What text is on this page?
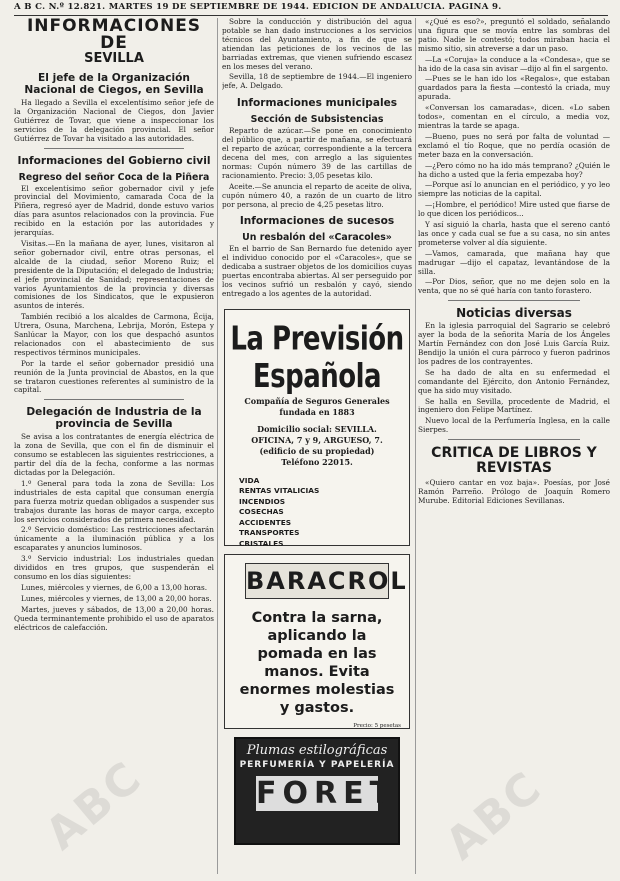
A B C. N.º 12.821. MARTES 19 DE SEPTIEMBRE DE 1944. EDICION DE ANDALUCIA. PAGINA 9.
INFORMACIONES DE
SEVILLA
El jefe de la Organización Nacional de Ciegos, en Sevilla

Ha llegado a Sevilla el excelentísimo señor jefe de la Organización Nacional de Ciegos, don Javier Gutiérrez de Tovar, que viene a inspeccionar los servicios de la delegación provincial. El señor Gutiérrez de Tovar ha visitado a las autoridades.

Informaciones del Gobierno civil
Regreso del señor Coca de la Piñera

El excelentísimo señor gobernador civil y jefe provincial del Movimiento, camarada Coca de la Piñera, regresó ayer de Madrid, donde estuvo varios días para asuntos relacionados con la provincia. Fue recibido en la estación por las autoridades y jerarquías.

Visitas.—En la mañana de ayer, lunes, visitaron al señor gobernador civil, entre otras personas, el alcalde de la ciudad, señor Moreno Ruiz; el presidente de la Diputación; el delegado de Industria; el jefe provincial de Sanidad; representaciones de varios Ayuntamientos de la provincia y diversas comisiones de los Sindicatos, que le expusieron asuntos de interés.

También recibió a los alcaldes de Carmona, Écija, Utrera, Osuna, Marchena, Lebrija, Morón, Estepa y Sanlúcar la Mayor, con los que despachó asuntos relacionados con el abastecimiento de sus respectivos términos municipales.

Por la tarde el señor gobernador presidió una reunión de la Junta provincial de Abastos, en la que se trataron cuestiones referentes al suministro de la capital.

Delegación de Industria de la provincia de Sevilla

Se avisa a los contratantes de energía eléctrica de la zona de Sevilla, que con el fin de disminuir el consumo se establecen las siguientes restricciones, a partir del día de la fecha, conforme a las normas dictadas por la Delegación.

1.º General para toda la zona de Sevilla: Los industriales de esta capital que consuman energía para fuerza motriz quedan obligados a suspender sus trabajos durante las horas de mayor carga, excepto los servicios considerados de primera necesidad.

2.º Servicio doméstico: Las restricciones afectarán únicamente a la iluminación pública y a los escaparates y anuncios luminosos.

3.º Servicio industrial: Los industriales quedan divididos en tres grupos, que suspenderán el consumo en los días siguientes:

Lunes, miércoles y viernes, de 6,00 a 13,00 horas.

Lunes, miércoles y viernes, de 13,00 a 20,00 horas.

Martes, jueves y sábados, de 13,00 a 20,00 horas. Queda terminantemente prohibido el uso de aparatos eléctricos de calefacción.

Sobre la conducción y distribución del agua potable se han dado instrucciones a los servicios técnicos del Ayuntamiento, a fin de que se atiendan las peticiones de los vecinos de las barriadas extremas, que vienen sufriendo escasez en los meses del verano.

Sevilla, 18 de septiembre de 1944.—El ingeniero jefe, A. Delgado.

Informaciones municipales
Sección de Subsistencias

Reparto de azúcar.—Se pone en conocimiento del público que, a partir de mañana, se efectuará el reparto de azúcar, correspondiente a la tercera decena del mes, con arreglo a las siguientes normas: Cupón número 39 de las cartillas de racionamiento. Precio: 3,05 pesetas kilo.

Aceite.—Se anuncia el reparto de aceite de oliva, cupón número 40, a razón de un cuarto de litro por persona, al precio de 4,25 pesetas litro.

Informaciones de sucesos
Un resbalón del «Caracoles»

En el barrio de San Bernardo fue detenido ayer el individuo conocido por el «Caracoles», que se dedicaba a sustraer objetos de los domicilios cuyas puertas encontraba abiertas. Al ser perseguido por los vecinos sufrió un resbalón y cayó, siendo entregado a los agentes de la autoridad.

La Previsión Española
Compañía de Seguros Generales
fundada en 1883
Domicilio social: SEVILLA.
OFICINA, 7 y 9, ARGUESO, 7.
(edificio de su propiedad)
Teléfono 22015.
VIDA
RENTAS VITALICIAS
INCENDIOS
COSECHAS
ACCIDENTES
TRANSPORTES
CRISTALES
BARACROL
Contra la sarna, aplicando la pomada en las manos. Evita enormes molestias y gastos.
Precio: 5 pesetas
Plumas estilográficas
PERFUMERÍA Y PAPELERÍA
FORET

«¿Qué es eso?», preguntó el soldado, señalando una figura que se movía entre las sombras del patio. Nadie le contestó; todos miraban hacia el mismo sitio, sin atreverse a dar un paso.

—La «Coruja» la conduce a la «Condesa», que se ha ido de la casa sin avisar —dijo al fin el sargento.

—Pues se le han ido los «Regalos», que estaban guardados para la fiesta —contestó la criada, muy apurada.

«Conversan los camaradas», dicen. «Lo saben todos», comentan en el círculo, a media voz, mientras la tarde se apaga.

—Bueno, pues no será por falta de voluntad —exclamó el tío Roque, que no perdía ocasión de meter baza en la conversación.

—¿Pero cómo no ha ido más temprano? ¿Quién le ha dicho a usted que la feria empezaba hoy?

—Porque así lo anuncian en el periódico, y yo leo siempre las noticias de la capital.

—¡Hombre, el periódico! Mire usted que fiarse de lo que dicen los periódicos...

Y así siguió la charla, hasta que el sereno cantó las once y cada cual se fue a su casa, no sin antes prometerse volver al día siguiente.

—Vamos, camarada, que mañana hay que madrugar —dijo el capataz, levantándose de la silla.

—Por Dios, señor, que no me dejen solo en la venta, que no sé qué haría con tanto forastero.

Noticias diversas

En la iglesia parroquial del Sagrario se celebró ayer la boda de la señorita María de los Ángeles Martín Fernández con don José Luis García Ruiz. Bendijo la unión el cura párroco y fueron padrinos los padres de los contrayentes.

Se ha dado de alta en su enfermedad el comandante del Ejército, don Antonio Fernández, que ha sido muy visitado.

Se halla en Sevilla, procedente de Madrid, el ingeniero don Felipe Martínez.

Nuevo local de la Perfumería Inglesa, en la calle Sierpes.

CRITICA DE LIBROS Y REVISTAS

«Quiero cantar en voz baja». Poesías, por José Ramón Parreño. Prólogo de Joaquín Romero Murube. Editorial Ediciones Sevillanas.

ABC	ABC
